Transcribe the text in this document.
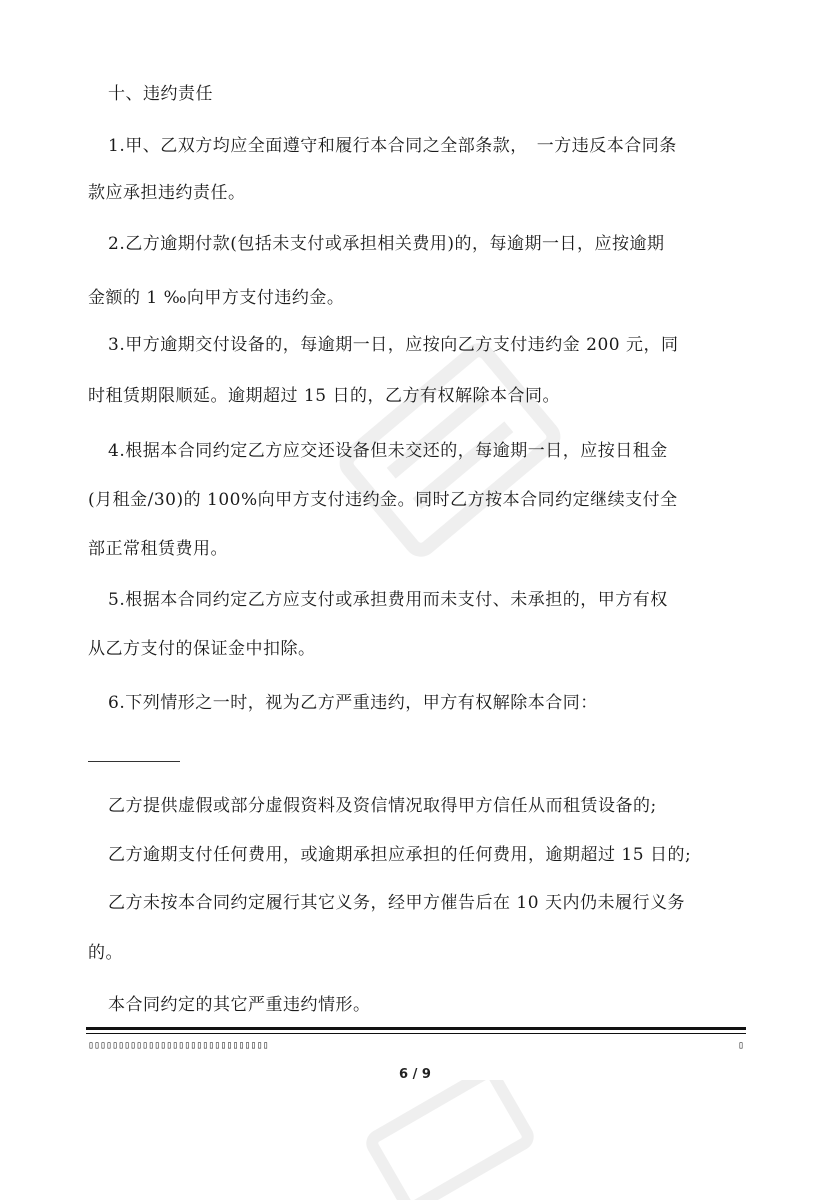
十、违约责任
1.甲、乙双方均应全面遵守和履行本合同之全部条款，　一方违反本合同条
款应承担违约责任。
2.乙方逾期付款(包括未支付或承担相关费用)的，每逾期一日，应按逾期
金额的 1 ‰向甲方支付违约金。
3.甲方逾期交付设备的，每逾期一日，应按向乙方支付违约金 200 元，同
时租赁期限顺延。逾期超过 15 日的，乙方有权解除本合同。
4.根据本合同约定乙方应交还设备但未交还的，每逾期一日，应按日租金
(月租金/30)的 100%向甲方支付违约金。同时乙方按本合同约定继续支付全
部正常租赁费用。
5.根据本合同约定乙方应支付或承担费用而未支付、未承担的，甲方有权
从乙方支付的保证金中扣除。
6.下列情形之一时，视为乙方严重违约，甲方有权解除本合同：
乙方提供虚假或部分虚假资料及资信情况取得甲方信任从而租赁设备的;
乙方逾期支付任何费用，或逾期承担应承担的任何费用，逾期超过 15 日的;
乙方未按本合同约定履行其它义务，经甲方催告后在 10 天内仍未履行义务
的。
本合同约定的其它严重违约情形。
▯▯▯▯▯▯▯▯▯▯▯▯▯▯▯▯▯▯▯▯▯▯▯▯▯▯▯▯▯▯	▯
6 / 9
